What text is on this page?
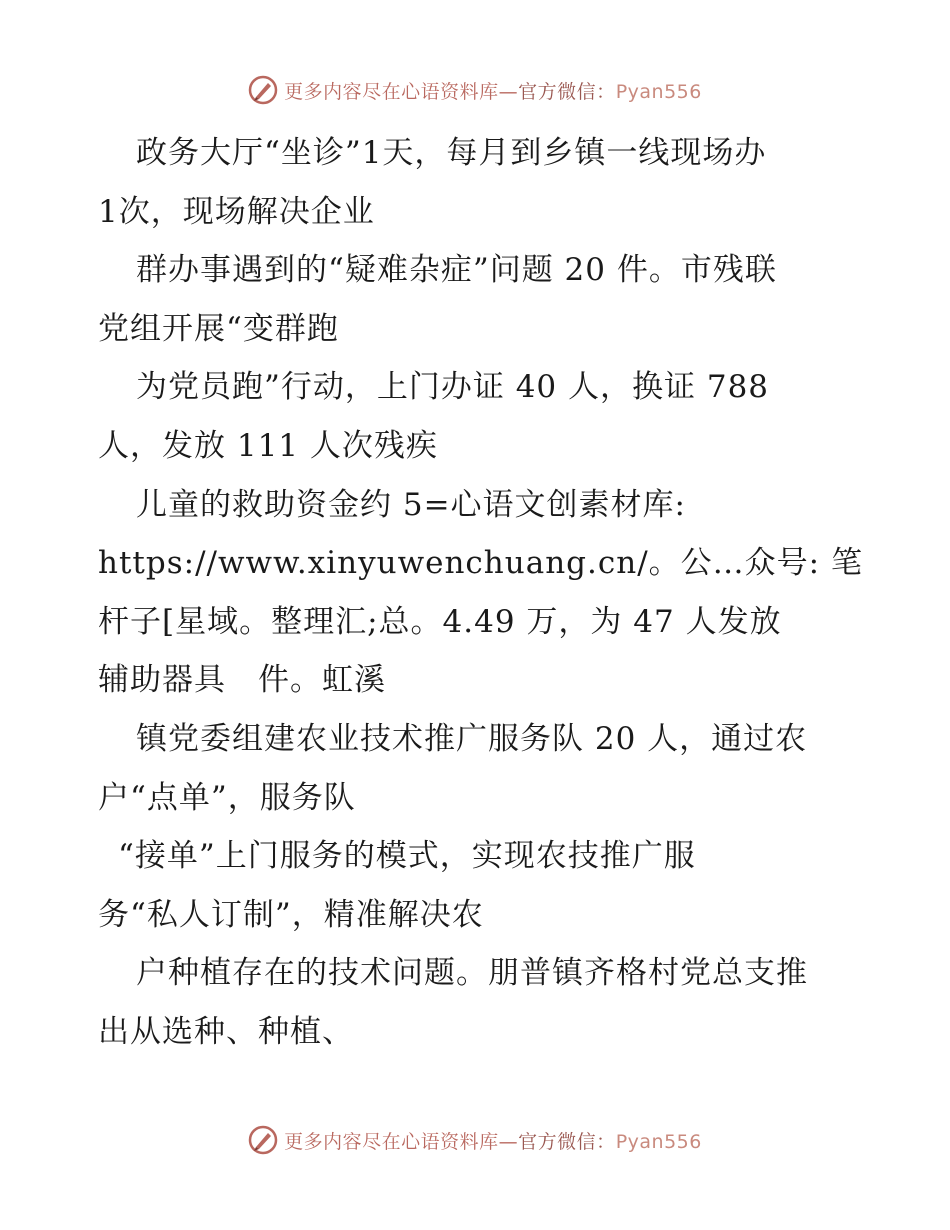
更多内容尽在心语资料库—官方微信：Pyan556
政务大厅“坐诊”1天，每月到乡镇一线现场办
1次，现场解决企业
群办事遇到的“疑难杂症”问题 20 件。市残联
党组开展“变群跑
为党员跑”行动，上门办证 40 人，换证 788
人，发放 111 人次残疾
儿童的救助资金约 5=心语文创素材库:
https://www.xinyuwenchuang.cn/。公…众号: 笔
杆子[星域。整理汇;总。4.49 万，为 47 人发放
辅助器具　件。虹溪
镇党委组建农业技术推广服务队 20 人，通过农
户“点单”，服务队
“接单”上门服务的模式，实现农技推广服
务“私人订制”，精准解决农
户种植存在的技术问题。朋普镇齐格村党总支推
出从选种、种植、
更多内容尽在心语资料库—官方微信：Pyan556
